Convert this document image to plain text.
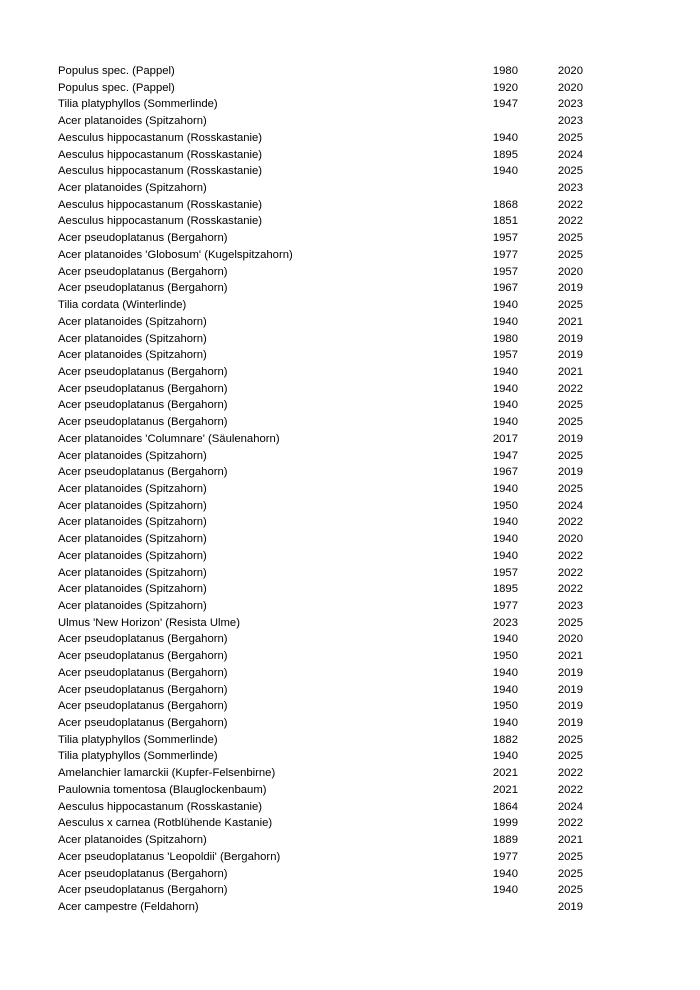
Populus spec. (Pappel)	1980	2020
Populus spec. (Pappel)	1920	2020
Tilia platyphyllos (Sommerlinde)	1947	2023
Acer platanoides (Spitzahorn)		2023
Aesculus hippocastanum (Rosskastanie)	1940	2025
Aesculus hippocastanum (Rosskastanie)	1895	2024
Aesculus hippocastanum (Rosskastanie)	1940	2025
Acer platanoides (Spitzahorn)		2023
Aesculus hippocastanum (Rosskastanie)	1868	2022
Aesculus hippocastanum (Rosskastanie)	1851	2022
Acer pseudoplatanus (Bergahorn)	1957	2025
Acer platanoides 'Globosum' (Kugelspitzahorn)	1977	2025
Acer pseudoplatanus (Bergahorn)	1957	2020
Acer pseudoplatanus (Bergahorn)	1967	2019
Tilia cordata (Winterlinde)	1940	2025
Acer platanoides (Spitzahorn)	1940	2021
Acer platanoides (Spitzahorn)	1980	2019
Acer platanoides (Spitzahorn)	1957	2019
Acer pseudoplatanus (Bergahorn)	1940	2021
Acer pseudoplatanus (Bergahorn)	1940	2022
Acer pseudoplatanus (Bergahorn)	1940	2025
Acer pseudoplatanus (Bergahorn)	1940	2025
Acer platanoides 'Columnare' (Säulenahorn)	2017	2019
Acer platanoides (Spitzahorn)	1947	2025
Acer pseudoplatanus (Bergahorn)	1967	2019
Acer platanoides (Spitzahorn)	1940	2025
Acer platanoides (Spitzahorn)	1950	2024
Acer platanoides (Spitzahorn)	1940	2022
Acer platanoides (Spitzahorn)	1940	2020
Acer platanoides (Spitzahorn)	1940	2022
Acer platanoides (Spitzahorn)	1957	2022
Acer platanoides (Spitzahorn)	1895	2022
Acer platanoides (Spitzahorn)	1977	2023
Ulmus 'New Horizon' (Resista Ulme)	2023	2025
Acer pseudoplatanus (Bergahorn)	1940	2020
Acer pseudoplatanus (Bergahorn)	1950	2021
Acer pseudoplatanus (Bergahorn)	1940	2019
Acer pseudoplatanus (Bergahorn)	1940	2019
Acer pseudoplatanus (Bergahorn)	1950	2019
Acer pseudoplatanus (Bergahorn)	1940	2019
Tilia platyphyllos (Sommerlinde)	1882	2025
Tilia platyphyllos (Sommerlinde)	1940	2025
Amelanchier lamarckii (Kupfer-Felsenbirne)	2021	2022
Paulownia tomentosa (Blauglockenbaum)	2021	2022
Aesculus hippocastanum (Rosskastanie)	1864	2024
Aesculus x carnea (Rotblühende Kastanie)	1999	2022
Acer platanoides (Spitzahorn)	1889	2021
Acer pseudoplatanus 'Leopoldii' (Bergahorn)	1977	2025
Acer pseudoplatanus (Bergahorn)	1940	2025
Acer pseudoplatanus (Bergahorn)	1940	2025
Acer campestre (Feldahorn)		2019
